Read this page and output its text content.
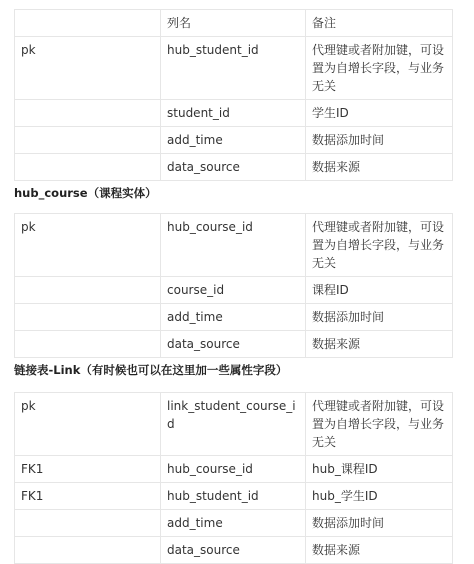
	列名	备注
pk	hub_student_id	代理键或者附加键，可设置为自增长字段，与业务无关
	student_id	学生ID
	add_time	数据添加时间
	data_source	数据来源
hub_course（课程实体）
pk	hub_course_id	代理键或者附加键，可设置为自增长字段，与业务无关
	course_id	课程ID
	add_time	数据添加时间
	data_source	数据来源
链接表-Link（有时候也可以在这里加一些属性字段）
pk	link_student_course_id	代理键或者附加键，可设置为自增长字段，与业务无关
FK1	hub_course_id	hub_课程ID
FK1	hub_student_id	hub_学生ID
	add_time	数据添加时间
	data_source	数据来源
